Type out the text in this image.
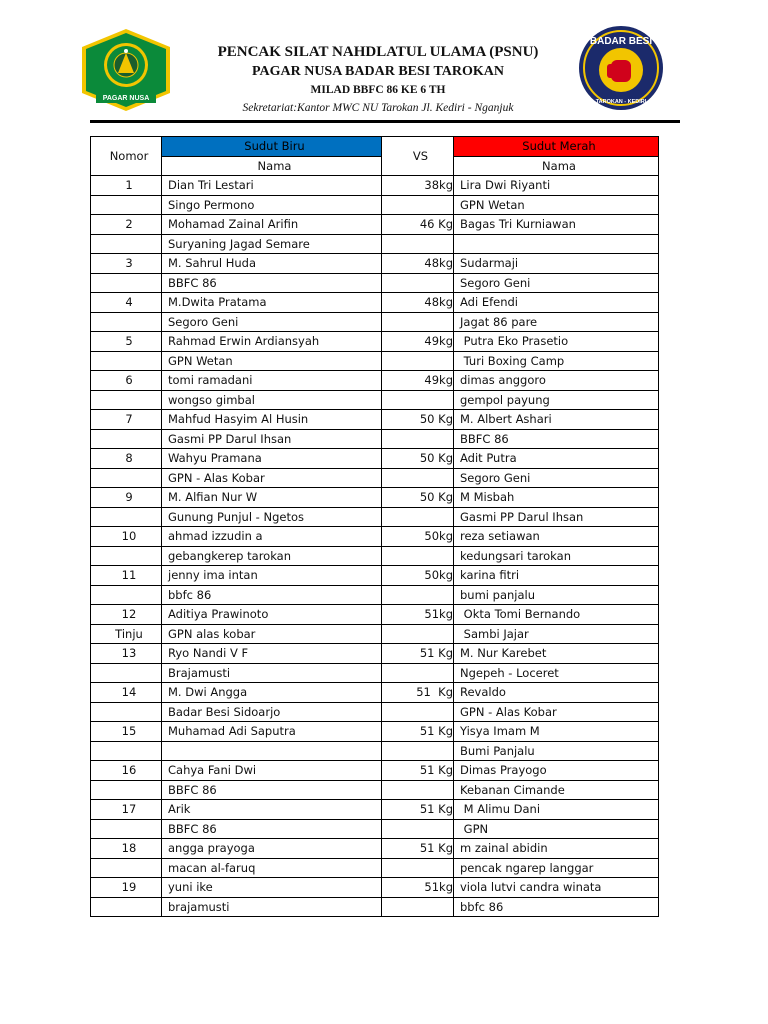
PAGAR NUSA
PENCAK SILAT NAHDLATUL ULAMA (PSNU)
PAGAR NUSA BADAR BESI TAROKAN
MILAD BBFC 86 KE 6 TH
Sekretariat:Kantor MWC NU Tarokan Jl. Kediri - Nganjuk
BADAR BESI
TAROKAN - KEDIRI
Nomor	Sudut Biru	VS	Sudut Merah
	Nama		Nama
1	Dian Tri Lestari	38kg	Lira Dwi Riyanti
	Singo Permono		GPN Wetan
2	Mohamad Zainal Arifin	46 Kg	Bagas Tri Kurniawan
	Suryaning Jagad Semare		
3	M. Sahrul Huda	48kg	Sudarmaji
	BBFC 86		Segoro Geni
4	M.Dwita Pratama	48kg	Adi Efendi
	Segoro Geni		Jagat 86 pare
5	Rahmad Erwin Ardiansyah	49kg	Putra Eko Prasetio
	GPN Wetan		Turi Boxing Camp
6	tomi ramadani	49kg	dimas anggoro
	wongso gimbal		gempol payung
7	Mahfud Hasyim Al Husin	50 Kg	M. Albert Ashari
	Gasmi PP Darul Ihsan		BBFC 86
8	Wahyu Pramana	50 Kg	Adit Putra
	GPN - Alas Kobar		Segoro Geni
9	M. Alfian Nur W	50 Kg	M Misbah
	Gunung Punjul - Ngetos		Gasmi PP Darul Ihsan
10	ahmad izzudin a	50kg	reza setiawan
	gebangkerep tarokan		kedungsari tarokan
11	jenny ima intan	50kg	karina fitri
	bbfc 86		bumi panjalu
12	Aditiya Prawinoto	51kg	Okta Tomi Bernando
Tinju	GPN alas kobar		Sambi Jajar
13	Ryo Nandi V F	51 Kg	M. Nur Karebet
	Brajamusti		Ngepeh - Loceret
14	M. Dwi Angga	51  Kg	Revaldo
	Badar Besi Sidoarjo		GPN - Alas Kobar
15	Muhamad Adi Saputra	51 Kg	Yisya Imam M
			Bumi Panjalu
16	Cahya Fani Dwi	51 Kg	Dimas Prayogo
	BBFC 86		Kebanan Cimande
17	Arik	51 Kg	M Alimu Dani
	BBFC 86		GPN
18	angga prayoga	51 Kg	m zainal abidin
	macan al-faruq		pencak ngarep langgar
19	yuni ike	51kg	viola lutvi candra winata
	brajamusti		bbfc 86
